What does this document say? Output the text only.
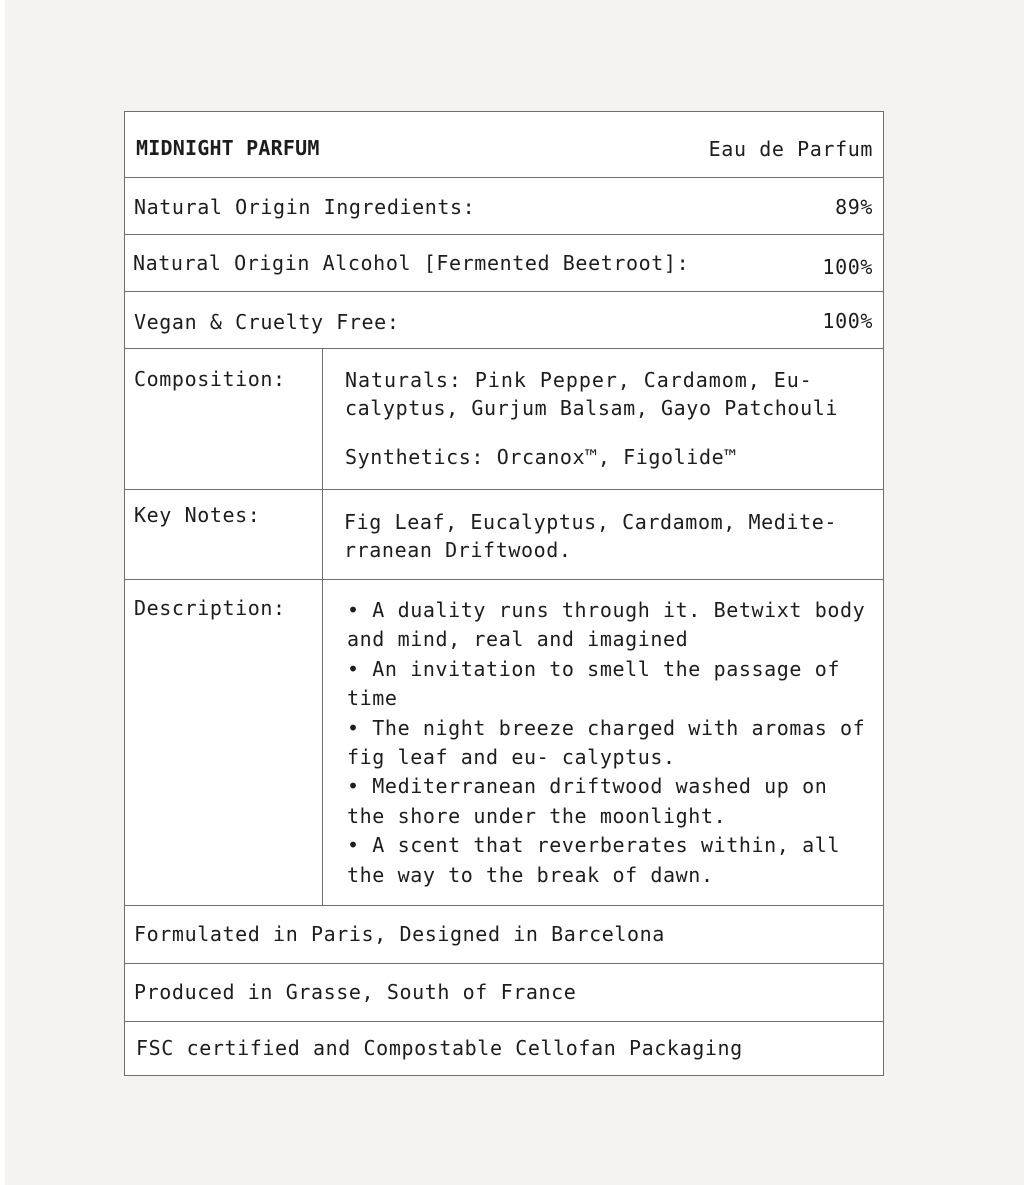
MIDNIGHT PARFUM	Eau de Parfum
Natural Origin Ingredients:	89%
Natural Origin Alcohol [Fermented Beetroot]:	100%
Vegan & Cruelty Free:	100%
Composition:	Naturals: Pink Pepper, Cardamom, Eu-
calyptus, Gurjum Balsam, Gayo Patchouli
Synthetics: Orcanox™, Figolide™
Key Notes:	Fig Leaf, Eucalyptus, Cardamom, Medite-
rranean Driftwood.
Description:	• A duality runs through it. Betwixt body
and mind, real and imagined
• An invitation to smell the passage of
time
• The night breeze charged with aromas of
fig leaf and eu- calyptus.
• Mediterranean driftwood washed up on
the shore under the moonlight.
• A scent that reverberates within, all
the way to the break of dawn.
Formulated in Paris, Designed in Barcelona
Produced in Grasse, South of France
FSC certified and Compostable Cellofan Packaging
